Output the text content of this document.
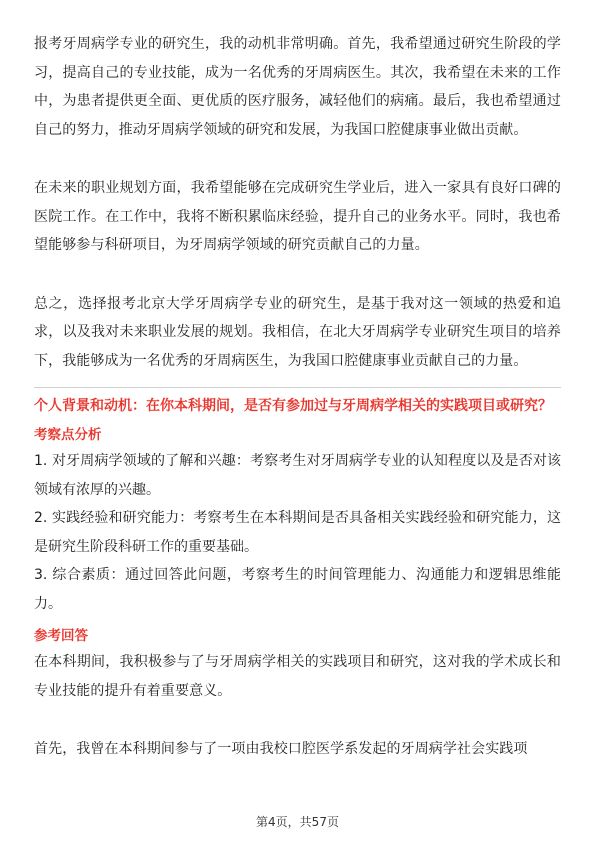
报考牙周病学专业的研究生，我的动机非常明确。首先，我希望通过研究生阶段的学习，提高自己的专业技能，成为一名优秀的牙周病医生。其次，我希望在未来的工作中，为患者提供更全面、更优质的医疗服务，减轻他们的病痛。最后，我也希望通过自己的努力，推动牙周病学领域的研究和发展，为我国口腔健康事业做出贡献。

在未来的职业规划方面，我希望能够在完成研究生学业后，进入一家具有良好口碑的医院工作。在工作中，我将不断积累临床经验，提升自己的业务水平。同时，我也希望能够参与科研项目，为牙周病学领域的研究贡献自己的力量。

总之，选择报考北京大学牙周病学专业的研究生，是基于我对这一领域的热爱和追求，以及我对未来职业发展的规划。我相信，在北大牙周病学专业研究生项目的培养下，我能够成为一名优秀的牙周病医生，为我国口腔健康事业贡献自己的力量。

个人背景和动机：在你本科期间，是否有参加过与牙周病学相关的实践项目或研究？

考察点分析

1. 对牙周病学领域的了解和兴趣：考察考生对牙周病学专业的认知程度以及是否对该领域有浓厚的兴趣。

2. 实践经验和研究能力：考察考生在本科期间是否具备相关实践经验和研究能力，这是研究生阶段科研工作的重要基础。

3. 综合素质：通过回答此问题，考察考生的时间管理能力、沟通能力和逻辑思维能力。

参考回答

在本科期间，我积极参与了与牙周病学相关的实践项目和研究，这对我的学术成长和专业技能的提升有着重要意义。

首先，我曾在本科期间参与了一项由我校口腔医学系发起的牙周病学社会实践项

第4页，共57页
